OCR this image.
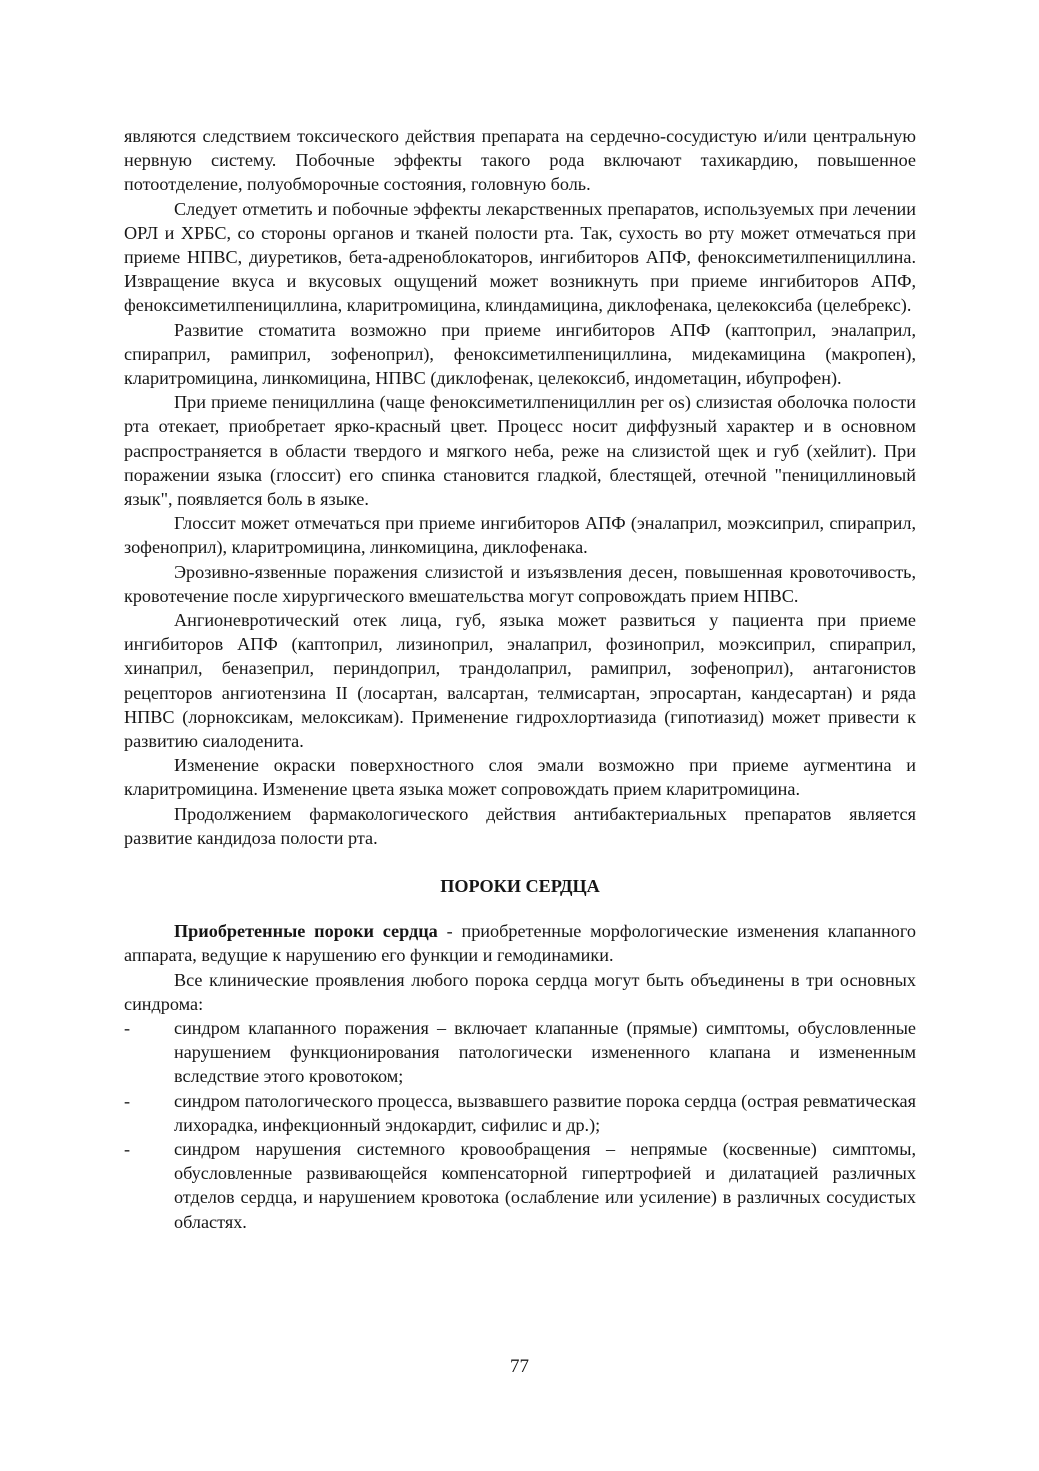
являются следствием токсического действия препарата на сердечно-сосудистую и/или центральную нервную систему. Побочные эффекты такого рода включают тахикардию, повышенное потоотделение, полуобморочные состояния, головную боль.

Следует отметить и побочные эффекты лекарственных препаратов, используемых при лечении ОРЛ и ХРБС, со стороны органов и тканей полости рта. Так, сухость во рту может отмечаться при приеме НПВС, диуретиков, бета-адреноблокаторов, ингибиторов АПФ, феноксиметилпенициллина. Извращение вкуса и вкусовых ощущений может возникнуть при приеме ингибиторов АПФ, феноксиметилпенициллина, кларитромицина, клиндамицина, диклофенака, целекоксиба (целебрекс).

Развитие стоматита возможно при приеме ингибиторов АПФ (каптоприл, эналаприл, спираприл, рамиприл, зофеноприл), феноксиметилпенициллина, мидекамицина (макропен), кларитромицина, линкомицина, НПВС (диклофенак, целекоксиб, индометацин, ибупрофен).

При приеме пенициллина (чаще феноксиметилпенициллин per os) слизистая оболочка полости рта отекает, приобретает ярко-красный цвет. Процесс носит диффузный характер и в основном распространяется в области твердого и мягкого неба, реже на слизистой щек и губ (хейлит). При поражении языка (глоссит) его спинка становится гладкой, блестящей, отечной "пенициллиновый язык", появляется боль в языке.

Глоссит может отмечаться при приеме ингибиторов АПФ (эналаприл, моэксиприл, спираприл, зофеноприл), кларитромицина, линкомицина, диклофенака.

Эрозивно-язвенные поражения слизистой и изъязвления десен, повышенная кровоточивость, кровотечение после хирургического вмешательства могут сопровождать прием НПВС.

Ангионевротический отек лица, губ, языка может развиться у пациента при приеме ингибиторов АПФ (каптоприл, лизиноприл, эналаприл, фозиноприл, моэксиприл, спираприл, хинаприл, беназеприл, периндоприл, трандолаприл, рамиприл, зофеноприл), антагонистов рецепторов ангиотензина II (лосартан, валсартан, телмисартан, эпросартан, кандесартан) и ряда НПВС (лорноксикам, мелоксикам). Применение гидрохлортиазида (гипотиазид) может привести к развитию сиалоденита.

Изменение окраски поверхностного слоя эмали возможно при приеме аугментина и кларитромицина. Изменение цвета языка может сопровождать прием кларитромицина.

Продолжением фармакологического действия антибактериальных препаратов является развитие кандидоза полости рта.

ПОРОКИ СЕРДЦА

Приобретенные пороки сердца - приобретенные морфологические изменения клапанного аппарата, ведущие к нарушению его функции и гемодинамики.

Все клинические проявления любого порока сердца могут быть объединены в три основных синдрома:

- синдром клапанного поражения – включает клапанные (прямые) симптомы, обусловленные нарушением функционирования патологически измененного клапана и измененным вследствие этого кровотоком;
- синдром патологического процесса, вызвавшего развитие порока сердца (острая ревматическая лихорадка, инфекционный эндокардит, сифилис и др.);
- синдром нарушения системного кровообращения – непрямые (косвенные) симптомы, обусловленные развивающейся компенсаторной гипертрофией и дилатацией различных отделов сердца, и нарушением кровотока (ослабление или усиление) в различных сосудистых областях.
77
